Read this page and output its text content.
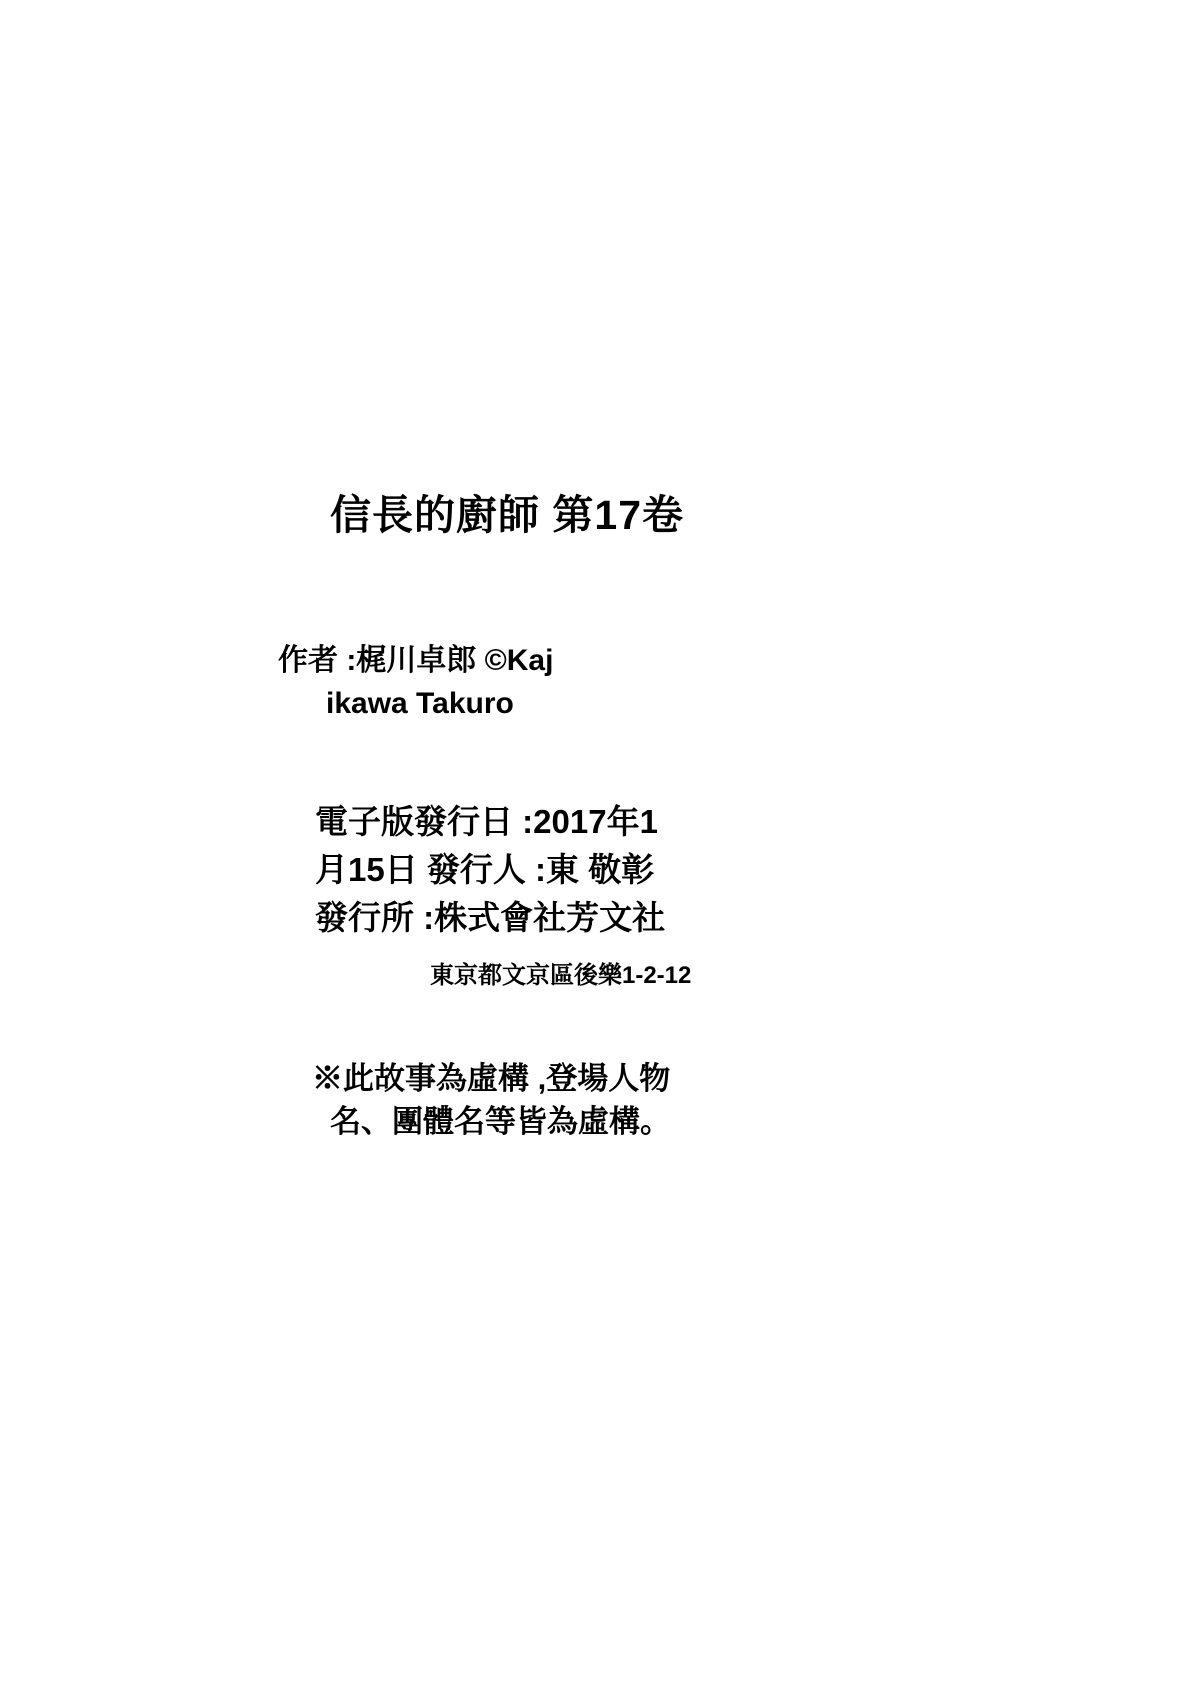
信長的廚師 第17卷
作者 :梶川卓郎 ©Kaj
ikawa Takuro
電子版發行日 :2017年1
月15日 發行人 :東 敬彰
發行所 :株式會社芳文社
東京都文京區後樂1-2-12
※此故事為虛構 ,登場人物
名、團體名等皆為虛構。
